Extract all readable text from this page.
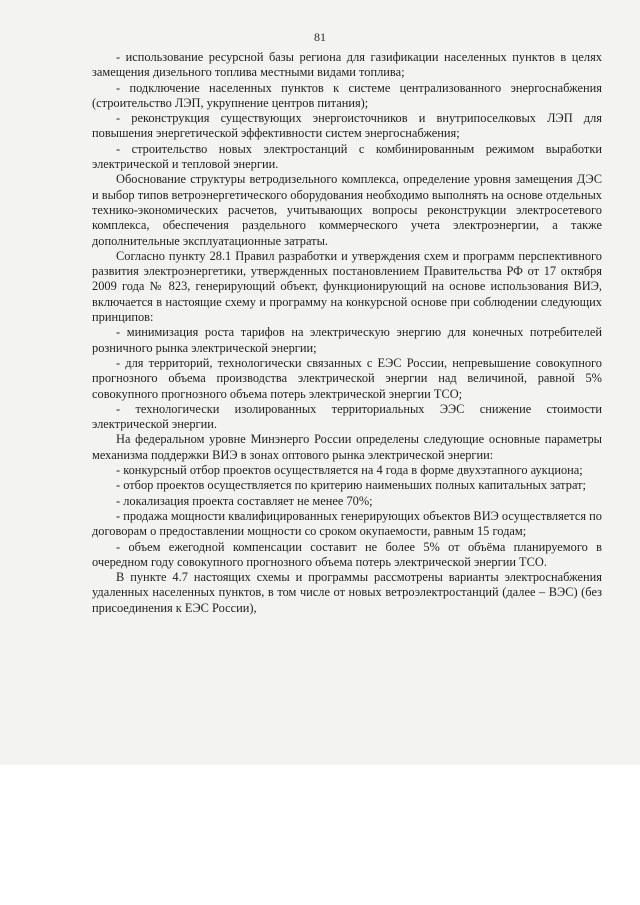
81

- использование ресурсной базы региона для газификации населенных пунктов в целях замещения дизельного топлива местными видами топлива;

- подключение населенных пунктов к системе централизованного энергоснабжения (строительство ЛЭП, укрупнение центров питания);

- реконструкция существующих энергоисточников и внутрипоселковых ЛЭП для повышения энергетической эффективности систем энергоснабжения;

- строительство новых электростанций с комбинированным режимом выработки электрической и тепловой энергии.

Обоснование структуры ветродизельного комплекса, определение уровня замещения ДЭС и выбор типов ветроэнергетического оборудования необходимо выполнять на основе отдельных технико-экономических расчетов, учитывающих вопросы реконструкции электросетевого комплекса, обеспечения раздельного коммерческого учета электроэнергии, а также дополнительные эксплуатационные затраты.

Согласно пункту 28.1 Правил разработки и утверждения схем и программ перспективного развития электроэнергетики, утвержденных постановлением Правительства РФ от 17 октября 2009 года № 823, генерирующий объект, функционирующий на основе использования ВИЭ, включается в настоящие схему и программу на конкурсной основе при соблюдении следующих принципов:

- минимизация роста тарифов на электрическую энергию для конечных потребителей розничного рынка электрической энергии;

- для территорий, технологически связанных с ЕЭС России, непревышение совокупного прогнозного объема производства электрической энергии над величиной, равной 5% совокупного прогнозного объема потерь электрической энергии ТСО;

- технологически изолированных территориальных ЭЭС снижение стоимости электрической энергии.

На федеральном уровне Минэнерго России определены следующие основные параметры механизма поддержки ВИЭ в зонах оптового рынка электрической энергии:

- конкурсный отбор проектов осуществляется на 4 года в форме двухэтапного аукциона;

- отбор проектов осуществляется по критерию наименьших полных капитальных затрат;

- локализация проекта составляет не менее 70%;

- продажа мощности квалифицированных генерирующих объектов ВИЭ осуществляется по договорам о предоставлении мощности со сроком окупаемости, равным 15 годам;

- объем ежегодной компенсации составит не более 5% от объёма планируемого в очередном году совокупного прогнозного объема потерь электрической энергии ТСО.

В пункте 4.7 настоящих схемы и программы рассмотрены варианты электроснабжения удаленных населенных пунктов, в том числе от новых ветроэлектростанций (далее – ВЭС) (без присоединения к ЕЭС России),
